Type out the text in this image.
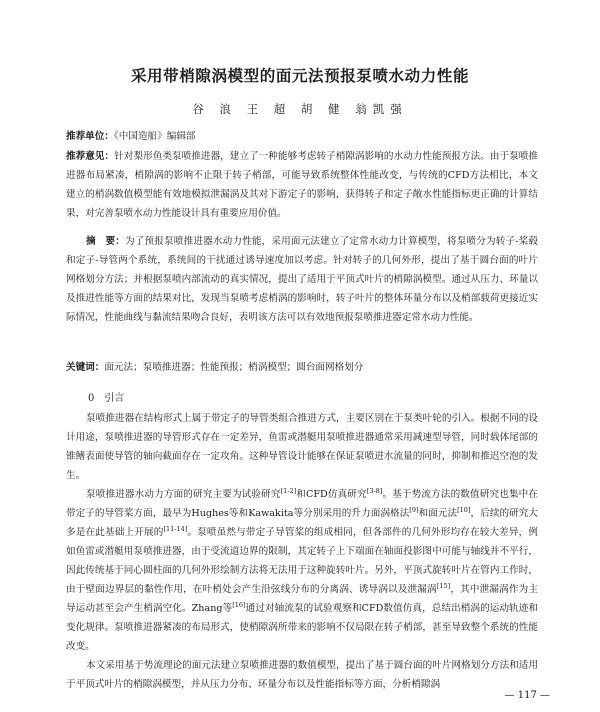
采用带梢隙涡模型的面元法预报泵喷水动力性能
谷 浪 王 超 胡 健 翁凯强
推荐单位：《中国造船》编辑部
推荐意见：针对梨形鱼类泵喷推进器，建立了一种能够考虑转子梢隙涡影响的水动力性能预报方法。由于泵喷推进器布局紧凑，梢隙涡的影响不止限于转子梢部，可能导致系统整体性能改变，与传统的CFD方法相比，本文建立的梢涡数值模型能有效地模拟泄漏涡及其对下游定子的影响，获得转子和定子敞水性能指标更正确的计算结果，对完善泵喷水动力性能设计具有重要应用价值。
摘　要：为了预报泵喷推进器水动力性能，采用面元法建立了定常水动力计算模型，将泵喷分为转子-桨毂和定子-导管两个系统，系统间的干扰通过诱导速度加以考虑。针对转子的几何外形，提出了基于圆台面的叶片网格划分方法；并根据泵喷内部流动的真实情况，提出了适用于平顶式叶片的梢隙涡模型。通过从压力、环量以及推进性能等方面的结果对比，发现当泵喷考虑梢涡的影响时，转子叶片的整体环量分布以及梢部载荷更接近实际情况，性能曲线与黏流结果吻合良好，表明该方法可以有效地预报泵喷推进器定常水动力性能。
关键词：面元法；泵喷推进器；性能预报；梢涡模型；圆台面网格划分
0　引言
泵喷推进器在结构形式上属于带定子的导管类组合推进方式，主要区别在于泵类叶轮的引入。根据不同的设计用途，泵喷推进器的导管形式存在一定差异，鱼雷或潜艇用泵喷推进器通常采用减速型导管，同时载体尾部的锥鳍表面使导管的轴向截面存在一定攻角。这种导管设计能够在保证泵喷进水流量的同时，抑制和推迟空泡的发生。
泵喷推进器水动力方面的研究主要为试验研究[1-2]和CFD仿真研究[3-8]。基于势流方法的数值研究也集中在带定子的导管桨方面，最早为Hughes等和Kawakita等分别采用的升力面涡格法[9]和面元法[10]，后续的研究大多是在此基础上开展的[11-14]。泵喷虽然与带定子导管桨的组成相同，但各部件的几何外形均存在较大差异，例如鱼雷或潜艇用泵喷推进器，由于受流道边界的限制，其定转子上下端面在轴面投影图中可能与轴线并不平行，因此传统基于同心圆柱面的几何外形绘制方法将无法用于这种旋转叶片。另外，平顶式旋转叶片在管内工作时，由于壁面边界层的黏性作用，在叶梢处会产生沿弦线分布的分离涡、诱导涡以及泄漏涡[15]，其中泄漏涡作为主导运动甚至会产生梢涡空化。Zhang等[16]通过对轴流泵的试验观察和CFD数值仿真，总结出梢涡的运动轨迹和变化规律。泵喷推进器紧凑的布局形式，使梢隙涡所带来的影响不仅局限在转子梢部，甚至导致整个系统的性能改变。
本文采用基于势流理论的面元法建立泵喷推进器的数值模型，提出了基于圆台面的叶片网格划分方法和适用于平顶式叶片的梢隙涡模型，并从压力分布、环量分布以及性能指标等方面，分析梢隙涡
— 117 —
